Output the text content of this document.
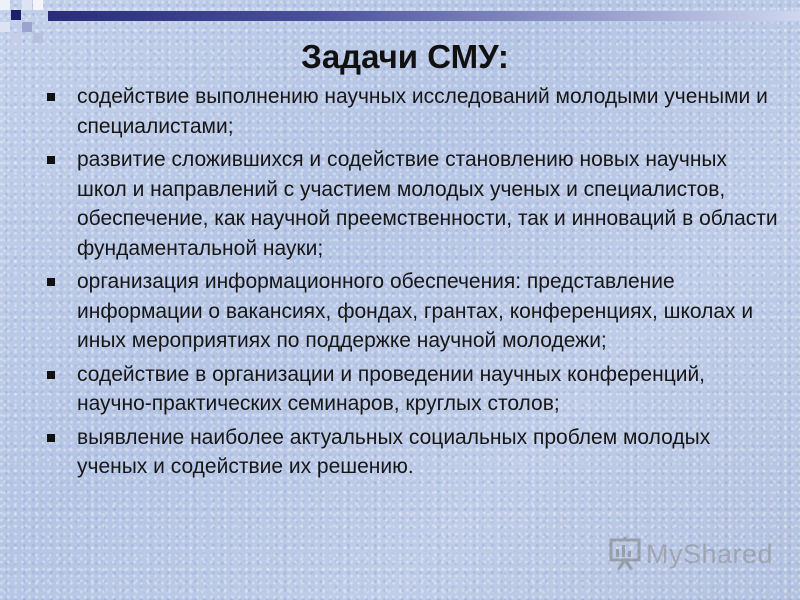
Задачи СМУ:
содействие выполнению научных исследований молодыми учеными и специалистами;
развитие сложившихся и содействие становлению новых научных школ и направлений с участием молодых ученых и специалистов, обеспечение, как научной преемственности, так и инноваций в области фундаментальной науки;
организация информационного обеспечения: представление информации о вакансиях, фондах, грантах, конференциях, школах и иных мероприятиях по поддержке научной молодежи;
содействие в организации и проведении научных конференций, научно-практических семинаров, круглых столов;
выявление наиболее актуальных социальных проблем молодых ученых и содействие их решению.
MyShared
